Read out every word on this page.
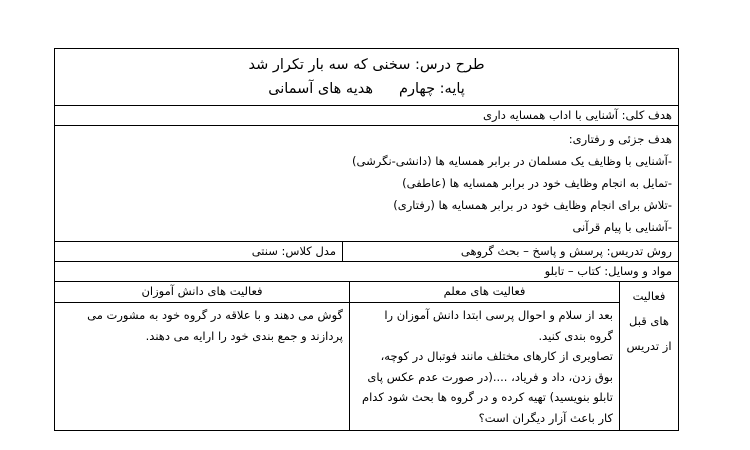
طرح درس: سخنی که سه بار تکرار شد
پایه: چهارمهدیه های آسمانی
هدف کلی: آشنایی با اداب همسایه داری
هدف جزئی و رفتاری:
-آشنایی با وظایف یک مسلمان در برابر همسایه ها (دانشی-نگرشی)
-تمایل به انجام وظایف خود در برابر همسایه ها (عاطفی)
-تلاش برای انجام وظایف خود در برابر همسایه ها (رفتاری)
-آشنایی با پیام قرآنی
روش تدریس: پرسش و پاسخ – بحث گروهی
مدل کلاس: سنتی
مواد و وسایل: کتاب – تابلو
فعالیت
های قبل
از تدریس
فعالیت های معلم
بعد از سلام و احوال پرسی ابتدا دانش آموزان را
گروه بندی کنید.
تصاویری از کارهای مختلف مانند فوتبال در کوچه،
بوق زدن، داد و فریاد، ....(در صورت عدم عکس پای
تابلو بنویسید) تهیه کرده و در گروه ها بحث شود کدام
کار باعث آزار دیگران است؟
فعالیت های دانش آموزان
گوش می دهند و با علاقه در گروه خود به مشورت می
پردازند و جمع بندی خود را ارایه می دهند.
